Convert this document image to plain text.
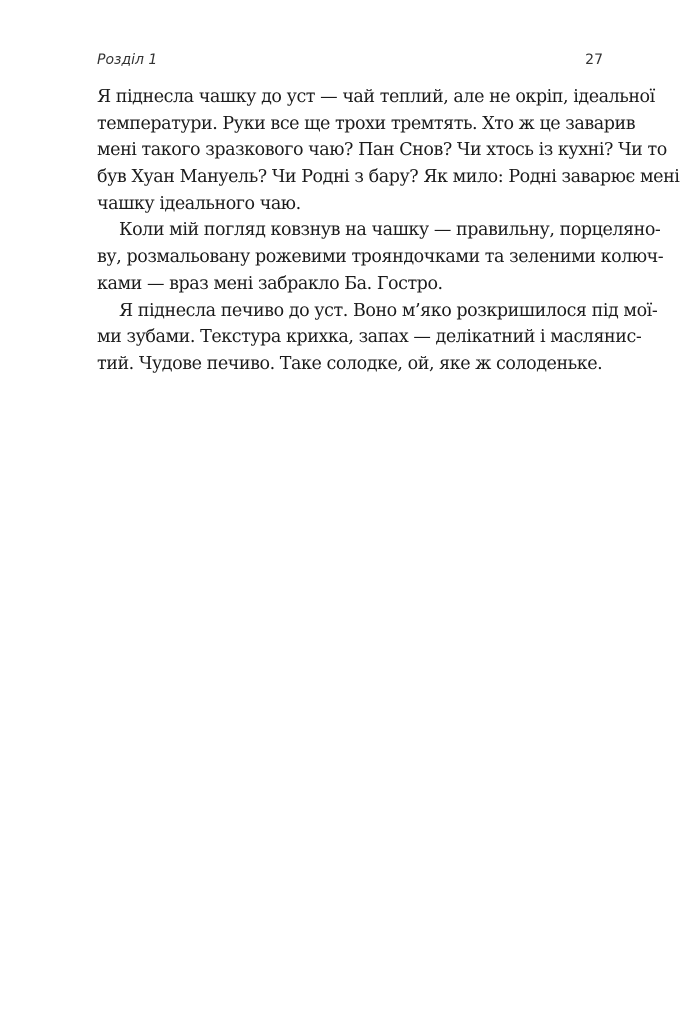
Розділ 1	27
Я піднесла чашку до уст — чай теплий, але не окріп, ідеальної
температури. Руки все ще трохи тремтять. Хто ж це заварив
мені такого зразкового чаю? Пан Снов? Чи хтось із кухні? Чи то
був Хуан Мануель? Чи Родні з бару? Як мило: Родні заварює мені
чашку ідеального чаю.
Коли мій погляд ковзнув на чашку — правильну, порцеляно-
ву, розмальовану рожевими трояндочками та зеленими колюч-
ками — враз мені забракло Ба. Гостро.
Я піднесла печиво до уст. Воно м’яко розкришилося під мої-
ми зубами. Текстура крихка, запах — делікатний і маслянис-
тий. Чудове печиво. Таке солодке, ой, яке ж солоденьке.
